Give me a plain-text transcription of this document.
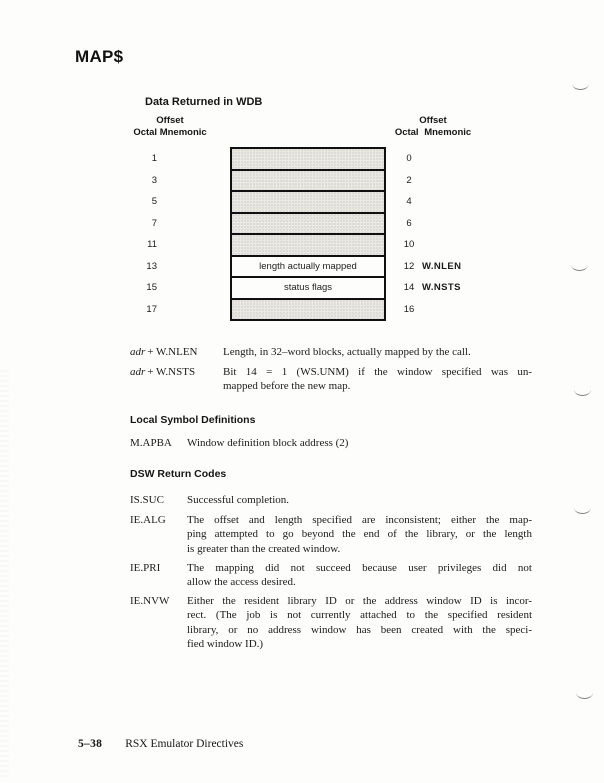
MAP$
Data Returned in WDB
Offset
Octal Mnemonic
Offset
Octal Mnemonic
1
3
5
7
11
13
15
17
length actually mapped
status flags
0
2
4
6
10
12
14
16
W.NLEN
W.NSTS
adr + W.NLEN Length, in 32–word blocks, actually mapped by the call.
adr + W.NSTS	Bit 14 = 1 (WS.UNM) if the window specified was un-
mapped before the new map.
Local Symbol Definitions
M.APBA Window definition block address (2)
DSW Return Codes
IS.SUC Successful completion.
IE.ALG The offset and length specified are inconsistent; either the map-
ping attempted to go beyond the end of the library, or the length
is greater than the created window.
IE.PRI The mapping did not succeed because user privileges did not
allow the access desired.
IE.NVW Either the resident library ID or the address window ID is incor-
rect. (The job is not currently attached to the specified resident
library, or no address window has been created with the speci-
fied window ID.)
5–38 RSX Emulator Directives
